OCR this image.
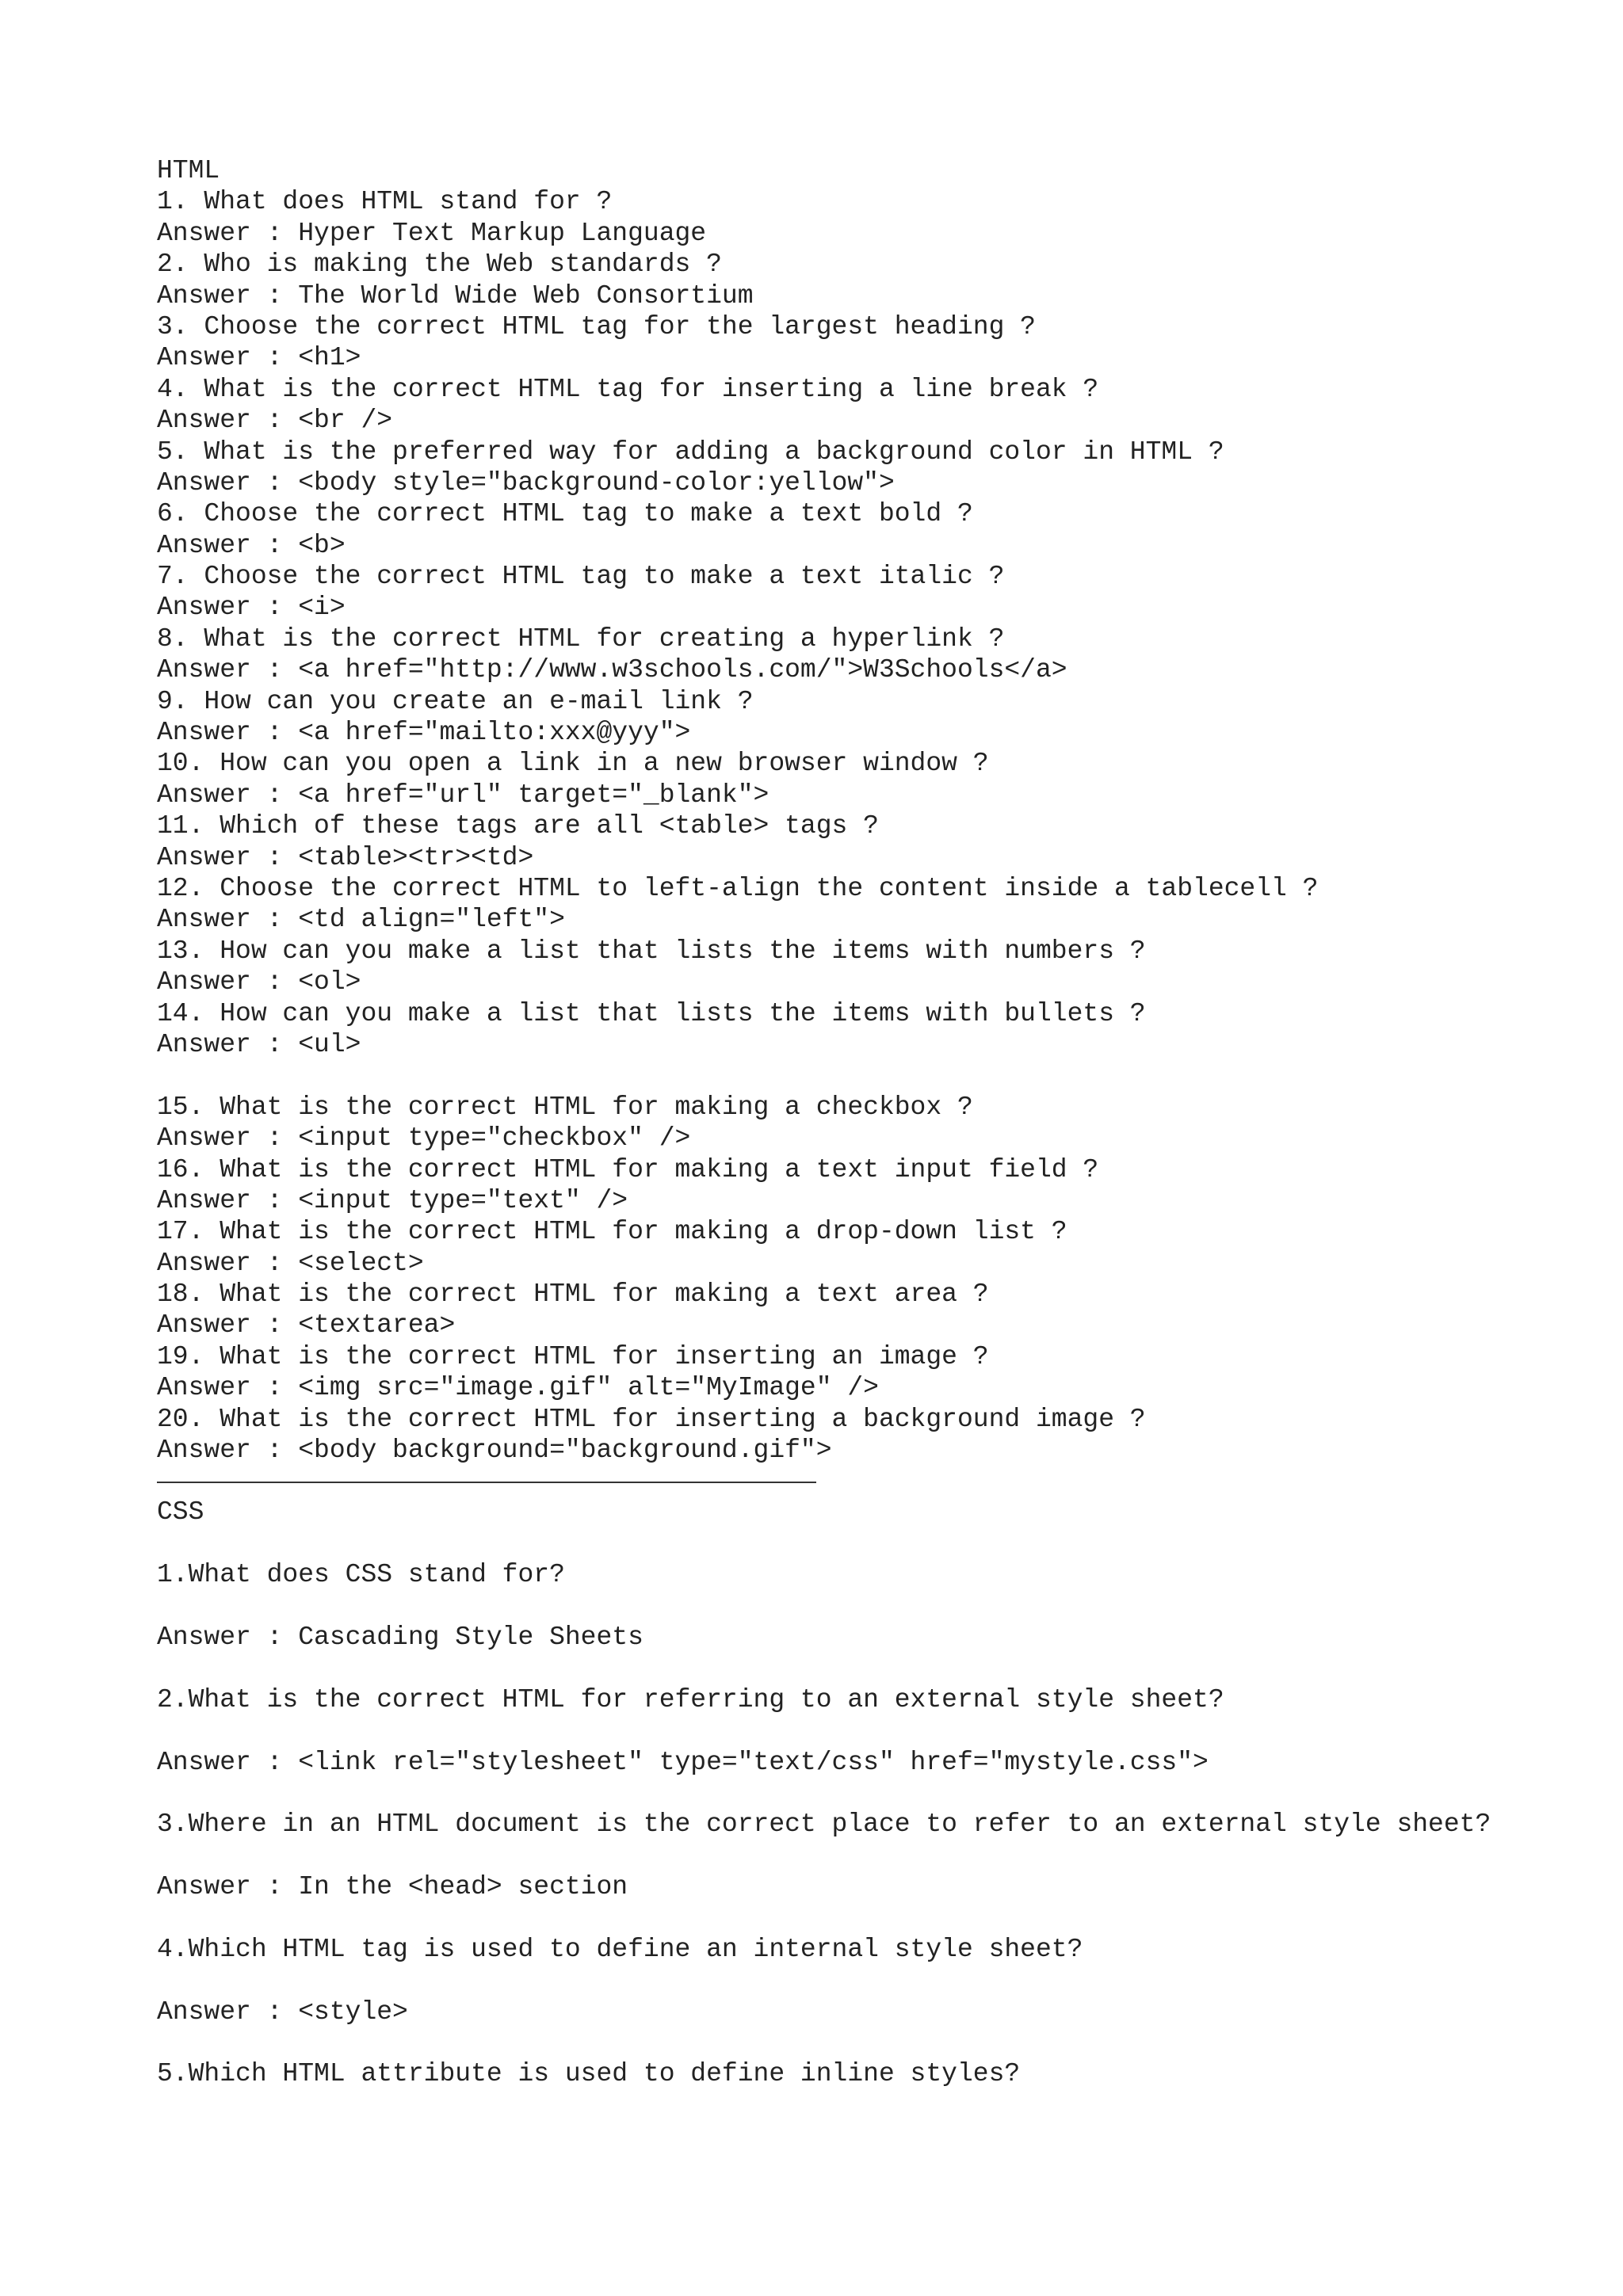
HTML
1. What does HTML stand for ?
Answer : Hyper Text Markup Language
2. Who is making the Web standards ?
Answer : The World Wide Web Consortium
3. Choose the correct HTML tag for the largest heading ?
Answer : <h1>
4. What is the correct HTML tag for inserting a line break ?
Answer : <br />
5. What is the preferred way for adding a background color in HTML ?
Answer : <body style="background-color:yellow">
6. Choose the correct HTML tag to make a text bold ?
Answer : <b>
7. Choose the correct HTML tag to make a text italic ?
Answer : <i>
8. What is the correct HTML for creating a hyperlink ?
Answer : <a href="http://www.w3schools.com/">W3Schools</a>
9. How can you create an e-mail link ?
Answer : <a href="mailto:xxx@yyy">
10. How can you open a link in a new browser window ?
Answer : <a href="url" target="_blank">
11. Which of these tags are all <table> tags ?
Answer : <table><tr><td>
12. Choose the correct HTML to left-align the content inside a tablecell ?
Answer : <td align="left">
13. How can you make a list that lists the items with numbers ?
Answer : <ol>
14. How can you make a list that lists the items with bullets ?
Answer : <ul>
15. What is the correct HTML for making a checkbox ?
Answer : <input type="checkbox" />
16. What is the correct HTML for making a text input field ?
Answer : <input type="text" />
17. What is the correct HTML for making a drop-down list ?
Answer : <select>
18. What is the correct HTML for making a text area ?
Answer : <textarea>
19. What is the correct HTML for inserting an image ?
Answer : <img src="image.gif" alt="MyImage" />
20. What is the correct HTML for inserting a background image ?
Answer : <body background="background.gif">
CSS
1.What does CSS stand for?
Answer : Cascading Style Sheets
2.What is the correct HTML for referring to an external style sheet?
Answer : <link rel="stylesheet" type="text/css" href="mystyle.css">
3.Where in an HTML document is the correct place to refer to an external style sheet?
Answer : In the <head> section
4.Which HTML tag is used to define an internal style sheet?
Answer : <style>
5.Which HTML attribute is used to define inline styles?
